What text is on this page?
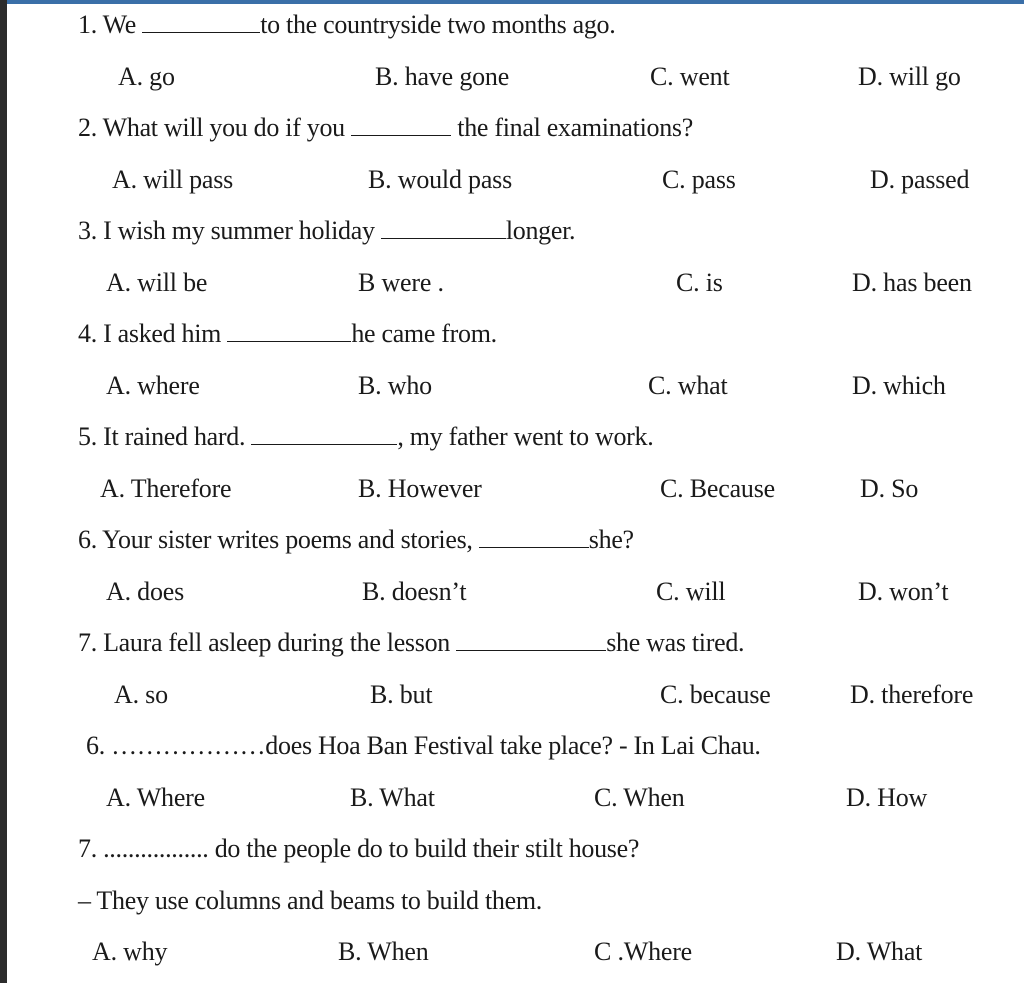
1. We	to the countryside two months ago.
A. go	B. have gone	C. went	D. will go
2. What will you do if you	the final examinations?
A. will pass	B. would pass	C. pass	D. passed
3. I wish my summer holiday	longer.
A. will be	B were .	C. is	D. has been
4. I asked him	he came from.
A. where	B. who	C. what	D. which
5. It rained hard.	, my father went to work.
A. Therefore	B. However	C. Because	D. So
6. Your sister writes poems and stories,	she?
A. does	B. doesn’t	C. will	D. won’t
7. Laura fell asleep during the lesson	she was tired.
A. so	B. but	C. because	D. therefore
6. ………………does Hoa Ban Festival take place? - In Lai Chau.
A. Where	B. What	C. When	D. How
7. ................. do the people do to build their stilt house?
– They use columns and beams to build them.
A. why	B. When	C .Where	D. What
